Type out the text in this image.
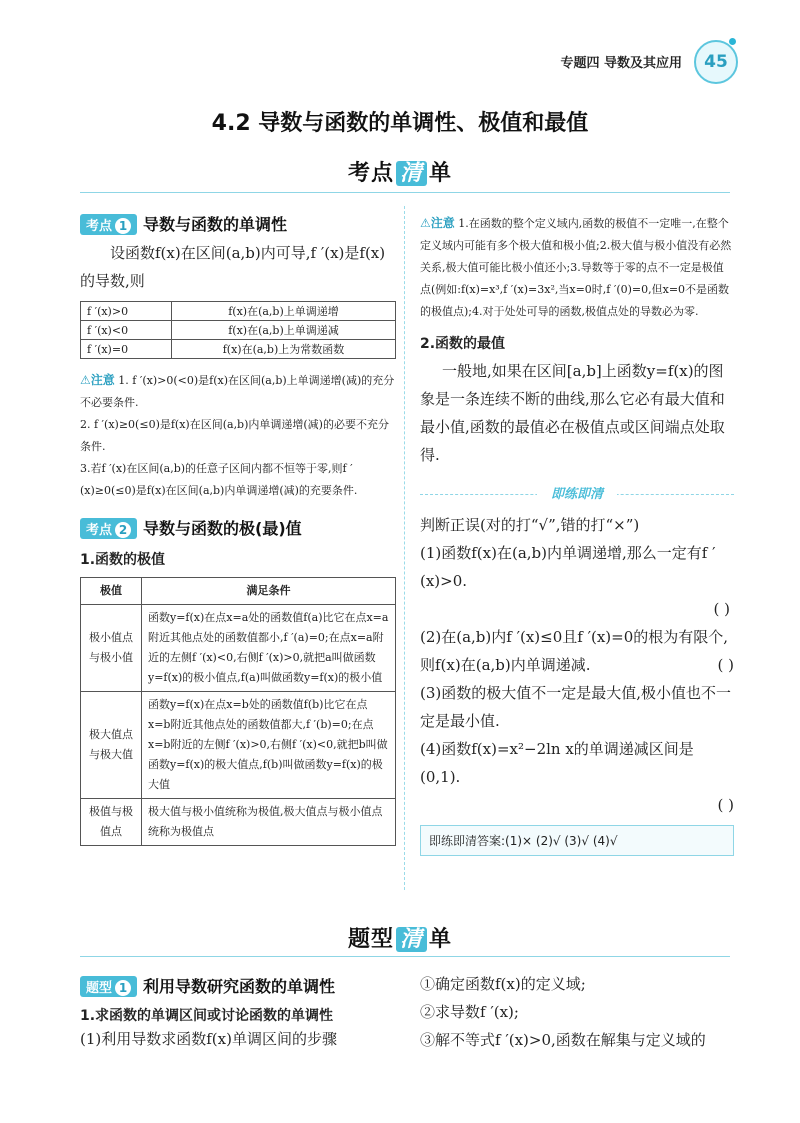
专题四 导数及其应用	45
4.2 导数与函数的单调性、极值和最值
考点 清 单
考点 1 导数与函数的单调性
设函数f(x)在区间(a,b)内可导,f ′(x)是f(x)的导数,则
f ′(x)>0	f(x)在(a,b)上单调递增
f ′(x)<0	f(x)在(a,b)上单调递减
f ′(x)=0	f(x)在(a,b)上为常数函数
⚠注意 1. f ′(x)>0(<0)是f(x)在区间(a,b)上单调递增(减)的充分不必要条件.
2. f ′(x)≥0(≤0)是f(x)在区间(a,b)内单调递增(减)的必要不充分条件.
3.若f ′(x)在区间(a,b)的任意子区间内都不恒等于零,则f ′(x)≥0(≤0)是f(x)在区间(a,b)内单调递增(减)的充要条件.
考点 2 导数与函数的极(最)值
1.函数的极值
极值	满足条件
极小值点与极小值	函数y=f(x)在点x=a处的函数值f(a)比它在点x=a附近其他点处的函数值都小,f ′(a)=0;在点x=a附近的左侧f ′(x)<0,右侧f ′(x)>0,就把a叫做函数y=f(x)的极小值点,f(a)叫做函数y=f(x)的极小值
极大值点与极大值	函数y=f(x)在点x=b处的函数值f(b)比它在点x=b附近其他点处的函数值都大,f ′(b)=0;在点x=b附近的左侧f ′(x)>0,右侧f ′(x)<0,就把b叫做函数y=f(x)的极大值点,f(b)叫做函数y=f(x)的极大值
极值与极值点	极大值与极小值统称为极值,极大值点与极小值点统称为极值点
⚠注意 1.在函数的整个定义域内,函数的极值不一定唯一,在整个定义域内可能有多个极大值和极小值;2.极大值与极小值没有必然关系,极大值可能比极小值还小;3.导数等于零的点不一定是极值点(例如:f(x)=x³,f ′(x)=3x²,当x=0时,f ′(0)=0,但x=0不是函数的极值点);4.对于处处可导的函数,极值点处的导数必为零.
2.函数的最值
一般地,如果在区间[a,b]上函数y=f(x)的图象是一条连续不断的曲线,那么它必有最大值和最小值,函数的最值必在极值点或区间端点处取得.
即练即清
判断正误(对的打“√”,错的打“×”)
(1)函数f(x)在(a,b)内单调递增,那么一定有f ′(x)>0.
( )
(2)在(a,b)内f ′(x)≤0且f ′(x)=0的根为有限个,则f(x)在(a,b)内单调递减.	( )
(3)函数的极大值不一定是最大值,极小值也不一定是最小值.
(4)函数f(x)=x²−2ln x的单调递减区间是(0,1).
( )
即练即清答案:(1)× (2)√ (3)√ (4)√
题型 清 单
题型 1 利用导数研究函数的单调性
1.求函数的单调区间或讨论函数的单调性
(1)利用导数求函数f(x)单调区间的步骤
①确定函数f(x)的定义域;
②求导数f ′(x);
③解不等式f ′(x)>0,函数在解集与定义域的
